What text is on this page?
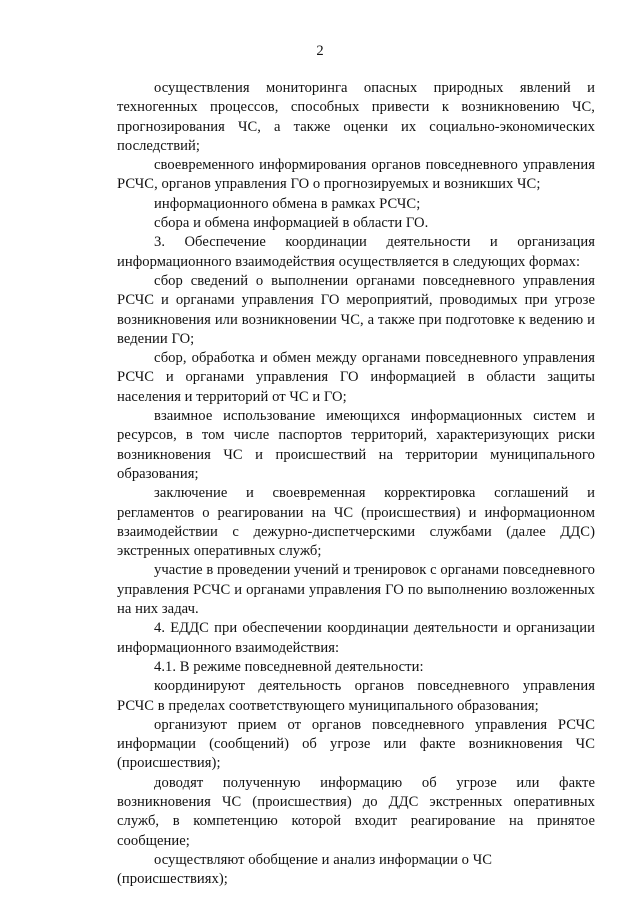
2

осуществления мониторинга опасных природных явлений и техногенных процессов, способных привести к возникновению ЧС, прогнозирования ЧС, а также оценки их социально-экономических последствий;

своевременного информирования органов повседневного управления РСЧС, органов управления ГО о прогнозируемых и возникших ЧС;

информационного обмена в рамках РСЧС;

сбора и обмена информацией в области ГО.

3. Обеспечение координации деятельности и организация информационного взаимодействия осуществляется в следующих формах:

сбор сведений о выполнении органами повседневного управления РСЧС и органами управления ГО мероприятий, проводимых при угрозе возникновения или возникновении ЧС, а также при подготовке к ведению и ведении ГО;

сбор, обработка и обмен между органами повседневного управления РСЧС и органами управления ГО информацией в области защиты населения и территорий от ЧС и ГО;

взаимное использование имеющихся информационных систем и ресурсов, в том числе паспортов территорий, характеризующих риски возникновения ЧС и происшествий на территории муниципального образования;

заключение и своевременная корректировка соглашений и регламентов о реагировании на ЧС (происшествия) и информационном взаимодействии с дежурно-диспетчерскими службами (далее ДДС) экстренных оперативных служб;

участие в проведении учений и тренировок с органами повседневного управления РСЧС и органами управления ГО по выполнению возложенных на них задач.

4. ЕДДС при обеспечении координации деятельности и организации информационного взаимодействия:

4.1. В режиме повседневной деятельности:

координируют деятельность органов повседневного управления РСЧС в пределах соответствующего муниципального образования;

организуют прием от органов повседневного управления РСЧС информации (сообщений) об угрозе или факте возникновения ЧС (происшествия);

доводят полученную информацию об угрозе или факте возникновения ЧС (происшествия) до ДДС экстренных оперативных служб, в компетенцию которой входит реагирование на принятое сообщение;

осуществляют обобщение и анализ информации о ЧС (происшествиях);
